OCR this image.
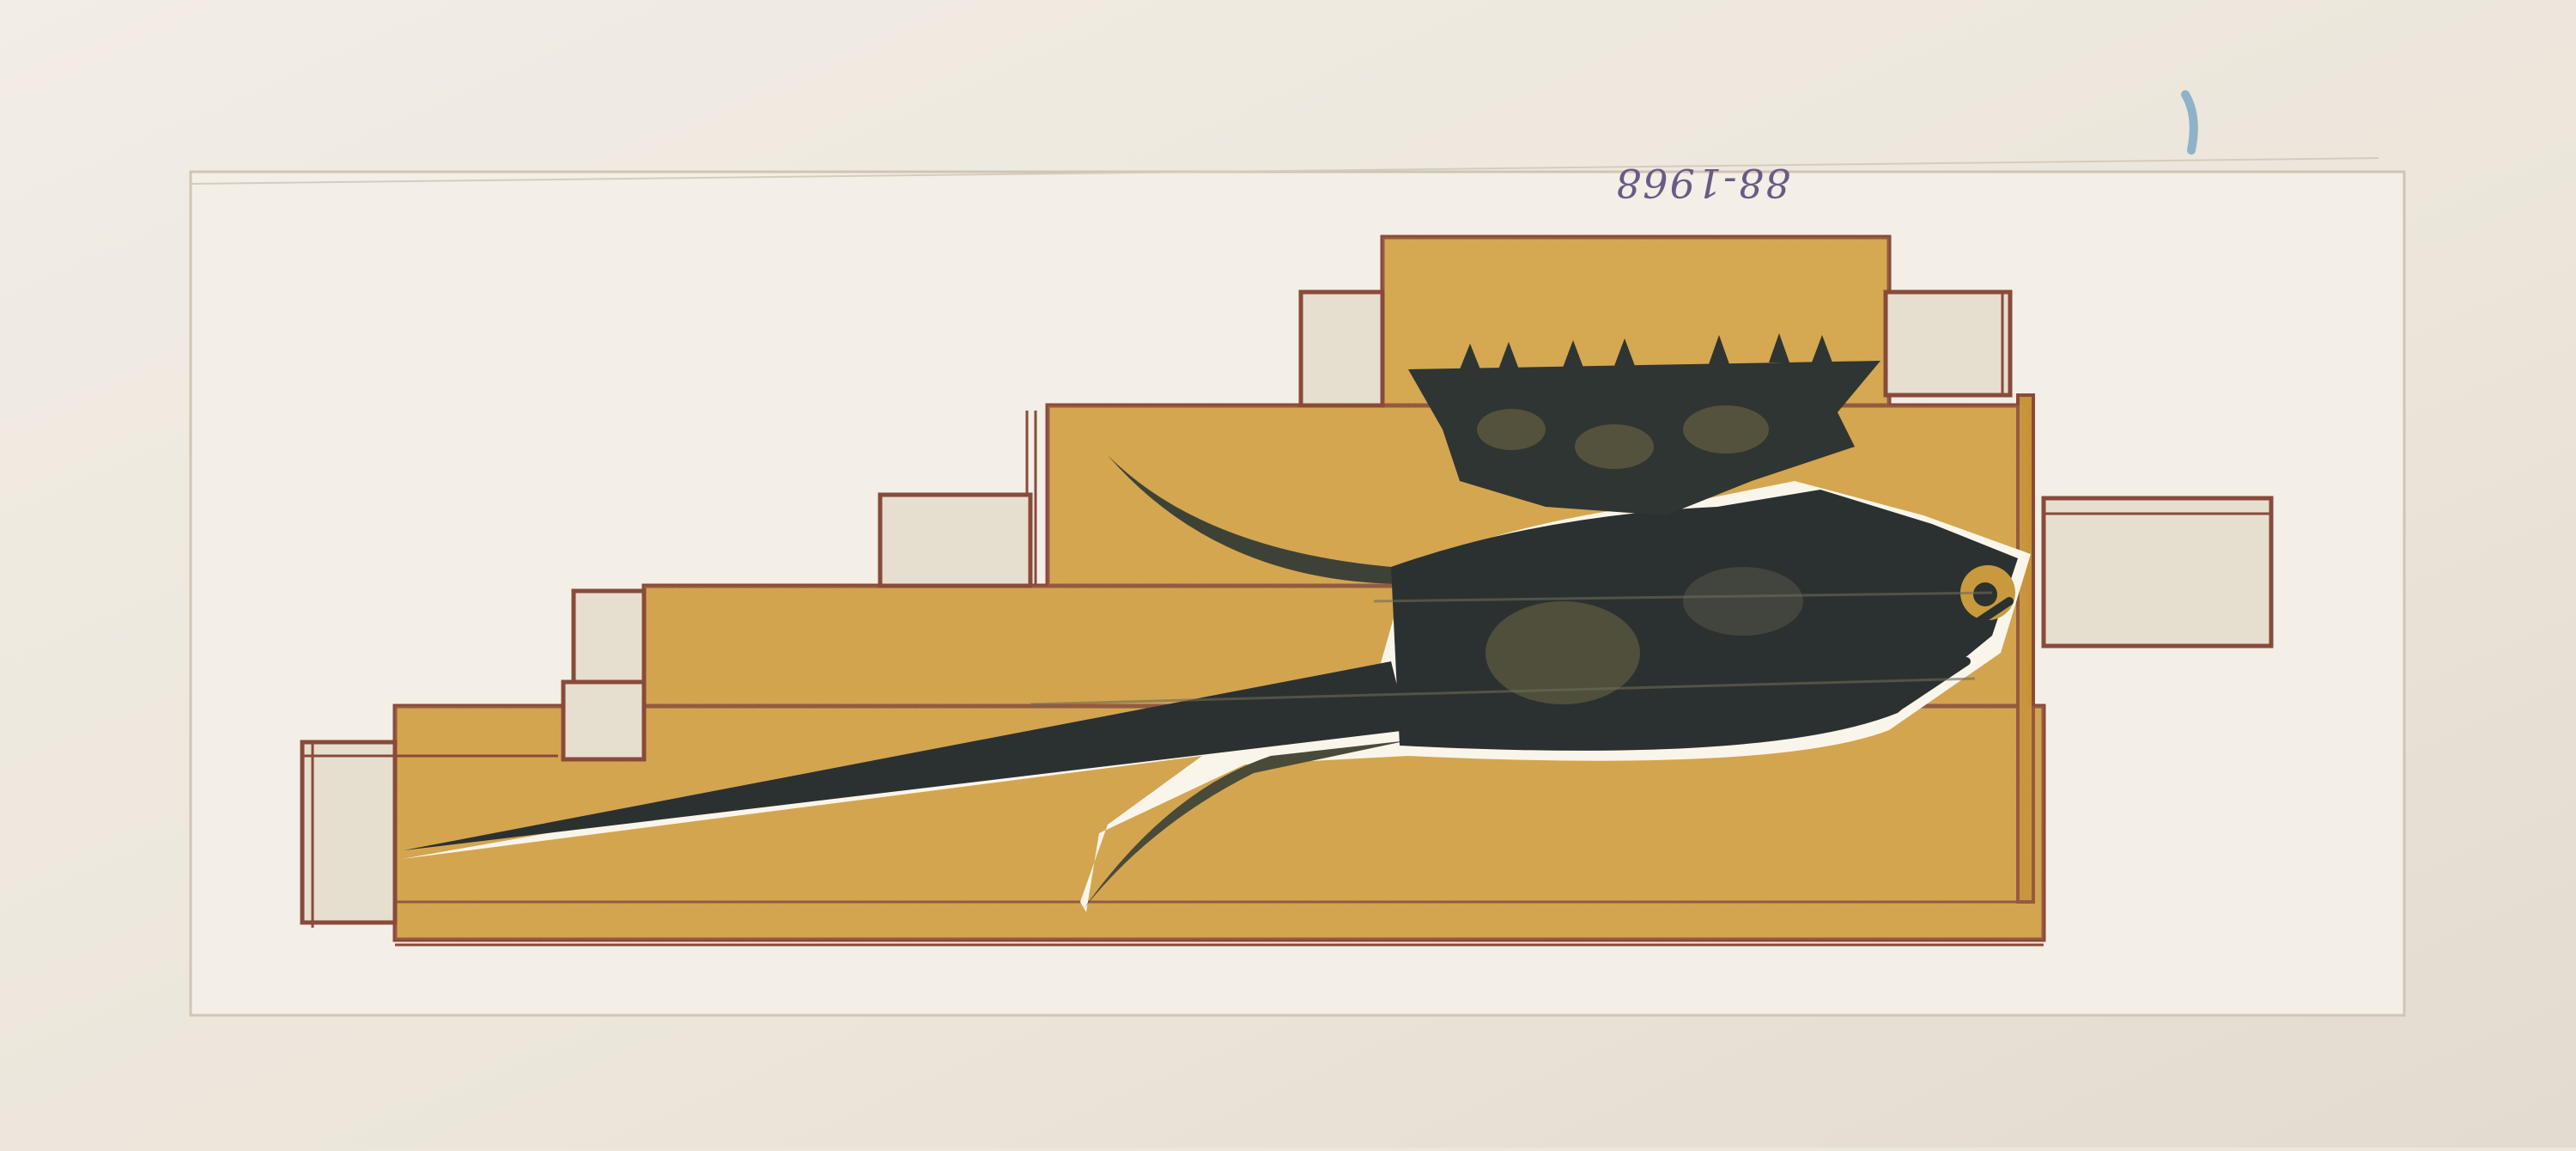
88-1968
